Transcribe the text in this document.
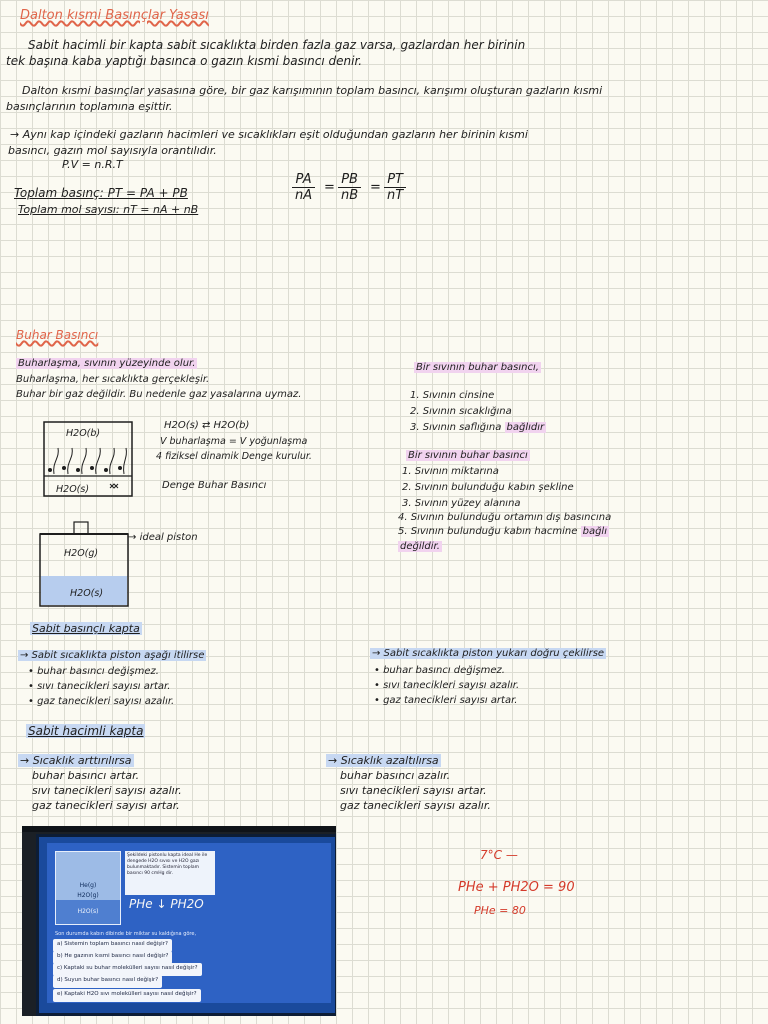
Dalton kısmi Basınçlar Yasası
Sabit hacimli bir kapta sabit sıcaklıkta birden fazla gaz varsa, gazlardan her birinin
tek başına kaba yaptığı basınca o gazın kısmi basıncı denir.
Dalton kısmi basınçlar yasasına göre, bir gaz karışımının toplam basıncı, karışımı oluşturan gazların kısmi
basınçlarının toplamına eşittir.
→ Aynı kap içindeki gazların hacimleri ve sıcaklıkları eşit olduğundan gazların her birinin kısmi
basıncı, gazın mol sayısıyla orantılıdır.
P.V = n.R.T
Toplam basınç: PT = PA + PB
Toplam mol sayısı: nT = nA + nB
$\frac{PA}{nA} = \frac{PB}{nB} = \frac{PT}{nT}$
Buhar Basıncı
Buharlaşma, sıvının yüzeyinde olur.
Buharlaşma, her sıcaklıkta gerçekleşir.
Buhar bir gaz değildir. Bu nedenle gaz yasalarına uymaz.
H2O(b)
H2O(s)
H2O(s) ⇄ H2O(b)
V buharlaşma = V yoğunlaşma
4 fiziksel dinamik Denge kurulur.
Denge Buhar Basıncı
→ ideal piston
H2O(g)
H2O(s)
Bir sıvının buhar basıncı,
1. Sıvının cinsine
2. Sıvının sıcaklığına
3. Sıvının saflığına bağlıdır
Bir sıvının buhar basıncı
1. Sıvının miktarına
2. Sıvının bulunduğu kabın şekline
3. Sıvının yüzey alanına
4. Sıvının bulunduğu ortamın dış basıncına
5. Sıvının bulunduğu kabın hacmine bağlı
değildir.
Sabit basınçlı kapta
→ Sabit sıcaklıkta piston aşağı itilirse
• buhar basıncı değişmez.
• sıvı tanecikleri sayısı artar.
• gaz tanecikleri sayısı azalır.
→ Sabit sıcaklıkta piston yukarı doğru çekilirse
• buhar basıncı değişmez.
• sıvı tanecikleri sayısı azalır.
• gaz tanecikleri sayısı artar.
Sabit hacimli kapta
→ Sıcaklık arttırılırsa
buhar basıncı artar.
sıvı tanecikleri sayısı azalır.
gaz tanecikleri sayısı artar.
→ Sıcaklık azaltılırsa
buhar basıncı azalır.
sıvı tanecikleri sayısı artar.
gaz tanecikleri sayısı azalır.
He(g)
H2O(g)
H2O(s)
Şekildeki pistonlu kapta ideal He ile dengede H2O sıvısı ve H2O gazı bulunmaktadır. Sistemin toplam basıncı 90 cmHg dir.
PHe ↓ PH2O
Son durumda kabın dibinde bir miktar su kaldığına göre,
a) Sistemin toplam basıncı nasıl değişir?
b) He gazının kısmi basıncı nasıl değişir?
c) Kaptaki su buhar molekülleri sayısı nasıl değişir?
d) Suyun buhar basıncı nasıl değişir?
e) Kaptaki H2O sıvı molekülleri sayısı nasıl değişir?
7°C —
PHe + PH2O = 90
PHe = 80
